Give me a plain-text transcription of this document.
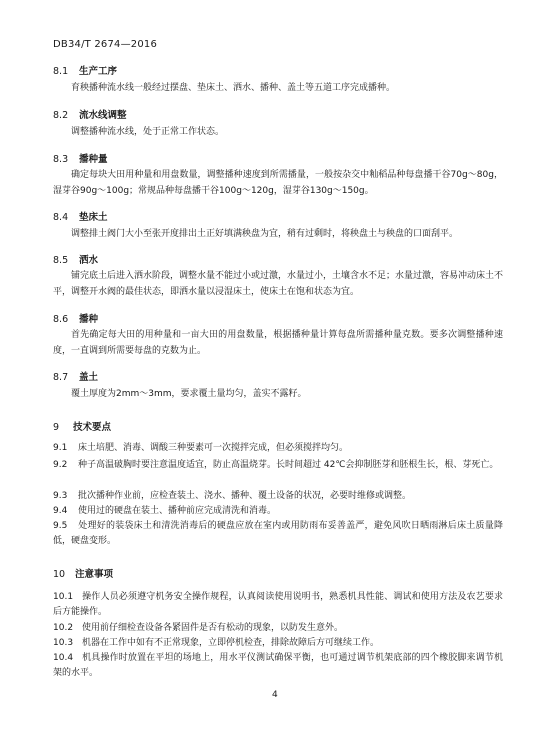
DB34/T 2674—2016
8.1 生产工序
育秧播种流水线一般经过摆盘、垫床土、洒水、播种、盖土等五道工序完成播种。
8.2 流水线调整
调整播种流水线，处于正常工作状态。
8.3 播种量
确定每块大田用种量和用盘数量，调整播种速度到所需播量，一般按杂交中籼稻品种每盘播干谷70g～80g，湿芽谷90g～100g；常规品种每盘播干谷100g～120g，湿芽谷130g～150g。
8.4 垫床土
调整排土阀门大小至张开度排出土正好填满秧盘为宜，稍有过剩时，将秧盘土与秧盘的口面刮平。
8.5 洒水
铺完底土后进入洒水阶段，调整水量不能过小或过激，水量过小，土壤含水不足；水量过激，容易冲动床土不平，调整开水阀的最佳状态，即洒水量以浸湿床土，使床土在饱和状态为宜。
8.6 播种
首先确定每大田的用种量和一亩大田的用盘数量，根据播种量计算每盘所需播种量克数。要多次调整播种速度，一直调到所需要每盘的克数为止。
8.7 盖土
覆土厚度为2mm～3mm，要求覆土量均匀，盖实不露籽。
9 技术要点
9.1 床土培肥、消毒、调酸三种要素可一次搅拌完成，但必须搅拌均匀。
9.2 种子高温破胸时要注意温度适宜，防止高温烧芽。长时间超过 42℃会抑制胚芽和胚根生长，根、芽死亡。
9.3 批次播种作业前，应检查装土、浇水、播种、覆土设备的状况，必要时维修或调整。
9.4 使用过的硬盘在装土、播种前应完成清洗和消毒。
9.5 处理好的装袋床土和清洗消毒后的硬盘应放在室内或用防雨布妥善盖严，避免风吹日晒雨淋后床土质量降低，硬盘变形。
10 注意事项
10.1 操作人员必须遵守机务安全操作规程，认真阅读使用说明书，熟悉机具性能、调试和使用方法及农艺要求后方能操作。
10.2 使用前仔细检查设备各紧固件是否有松动的现象，以防发生意外。
10.3 机器在工作中如有不正常现象，立即停机检查，排除故障后方可继续工作。
10.4 机具操作时放置在平坦的场地上，用水平仪测试确保平衡，也可通过调节机架底部的四个橡胶脚来调节机架的水平。
4
